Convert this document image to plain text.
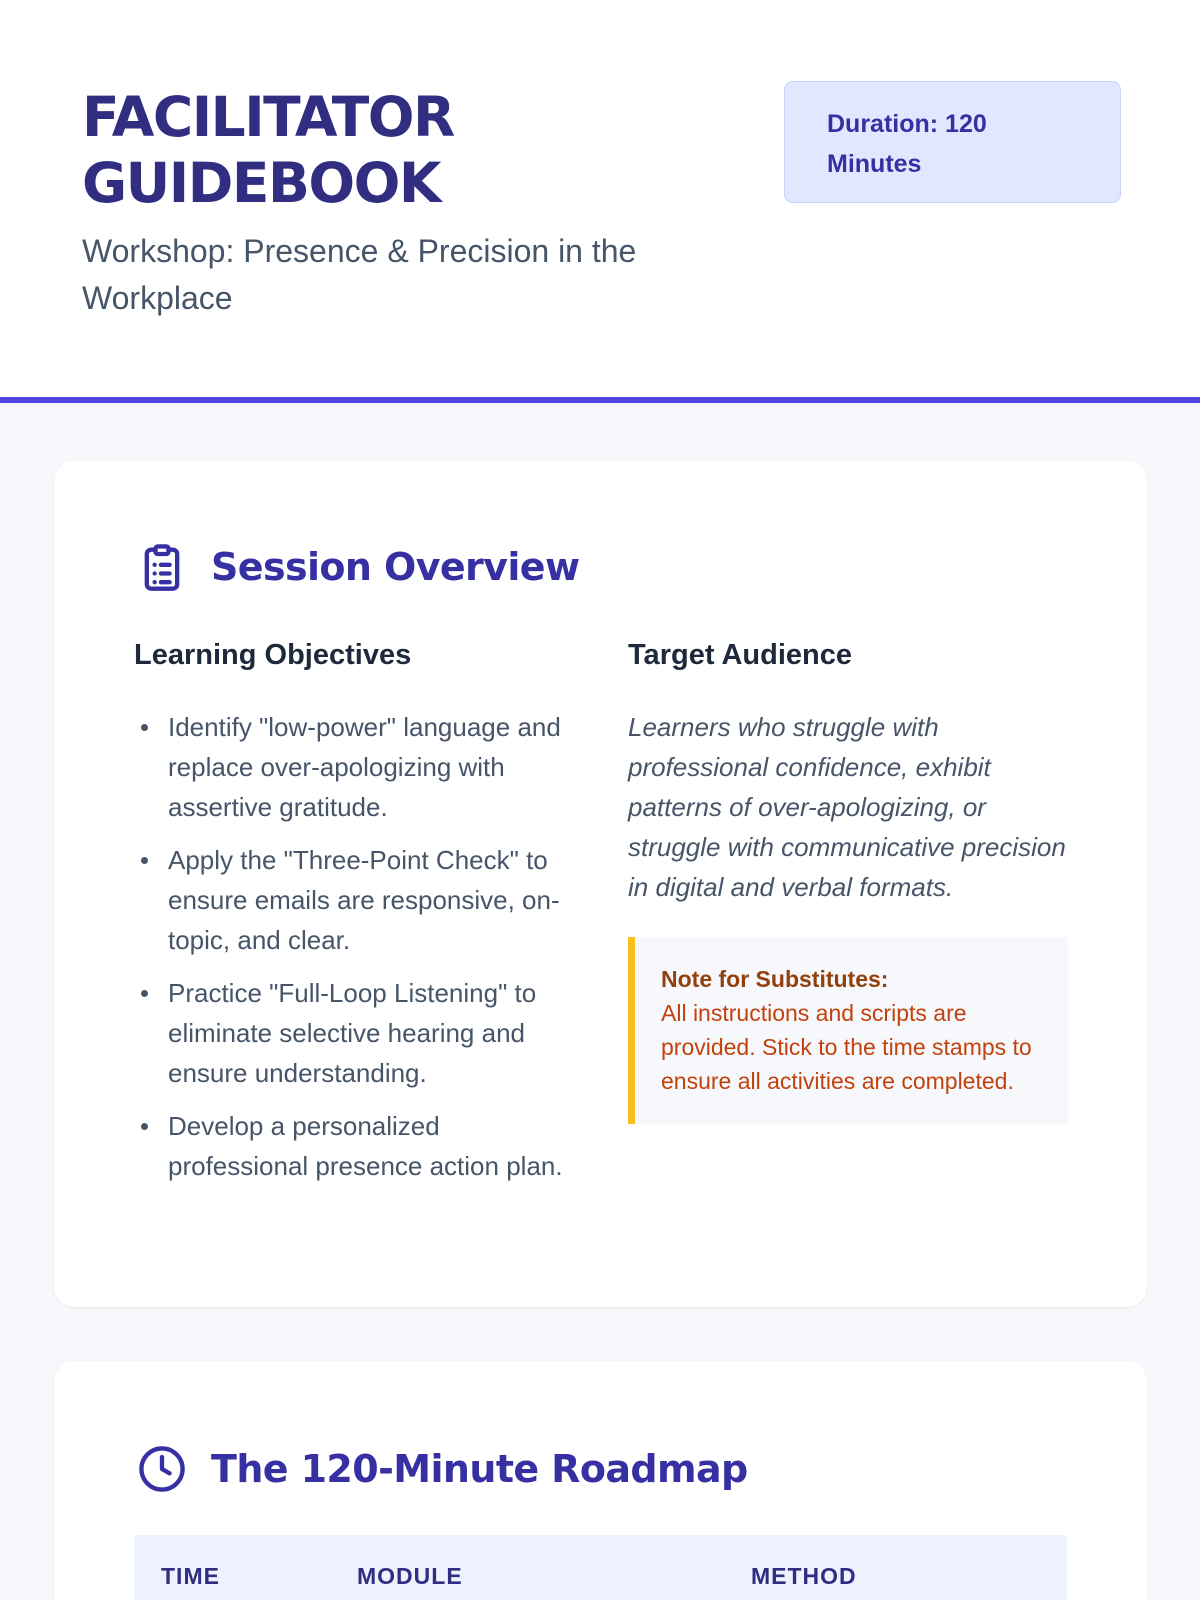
FACILITATOR GUIDEBOOK

Workshop: Presence & Precision in the Workplace

Duration: 120 Minutes
Session Overview
Learning Objectives
Identify "low-power" language and replace over-apologizing with assertive gratitude.
Apply the "Three-Point Check" to ensure emails are responsive, on-topic, and clear.
Practice "Full-Loop Listening" to eliminate selective hearing and ensure understanding.
Develop a personalized professional presence action plan.
Target Audience

Learners who struggle with professional confidence, exhibit patterns of over-apologizing, or struggle with communicative precision in digital and verbal formats.

Note for Substitutes:
All instructions and scripts are provided. Stick to the time stamps to ensure all activities are completed.
The 120-Minute Roadmap
TIME	MODULE	METHOD
